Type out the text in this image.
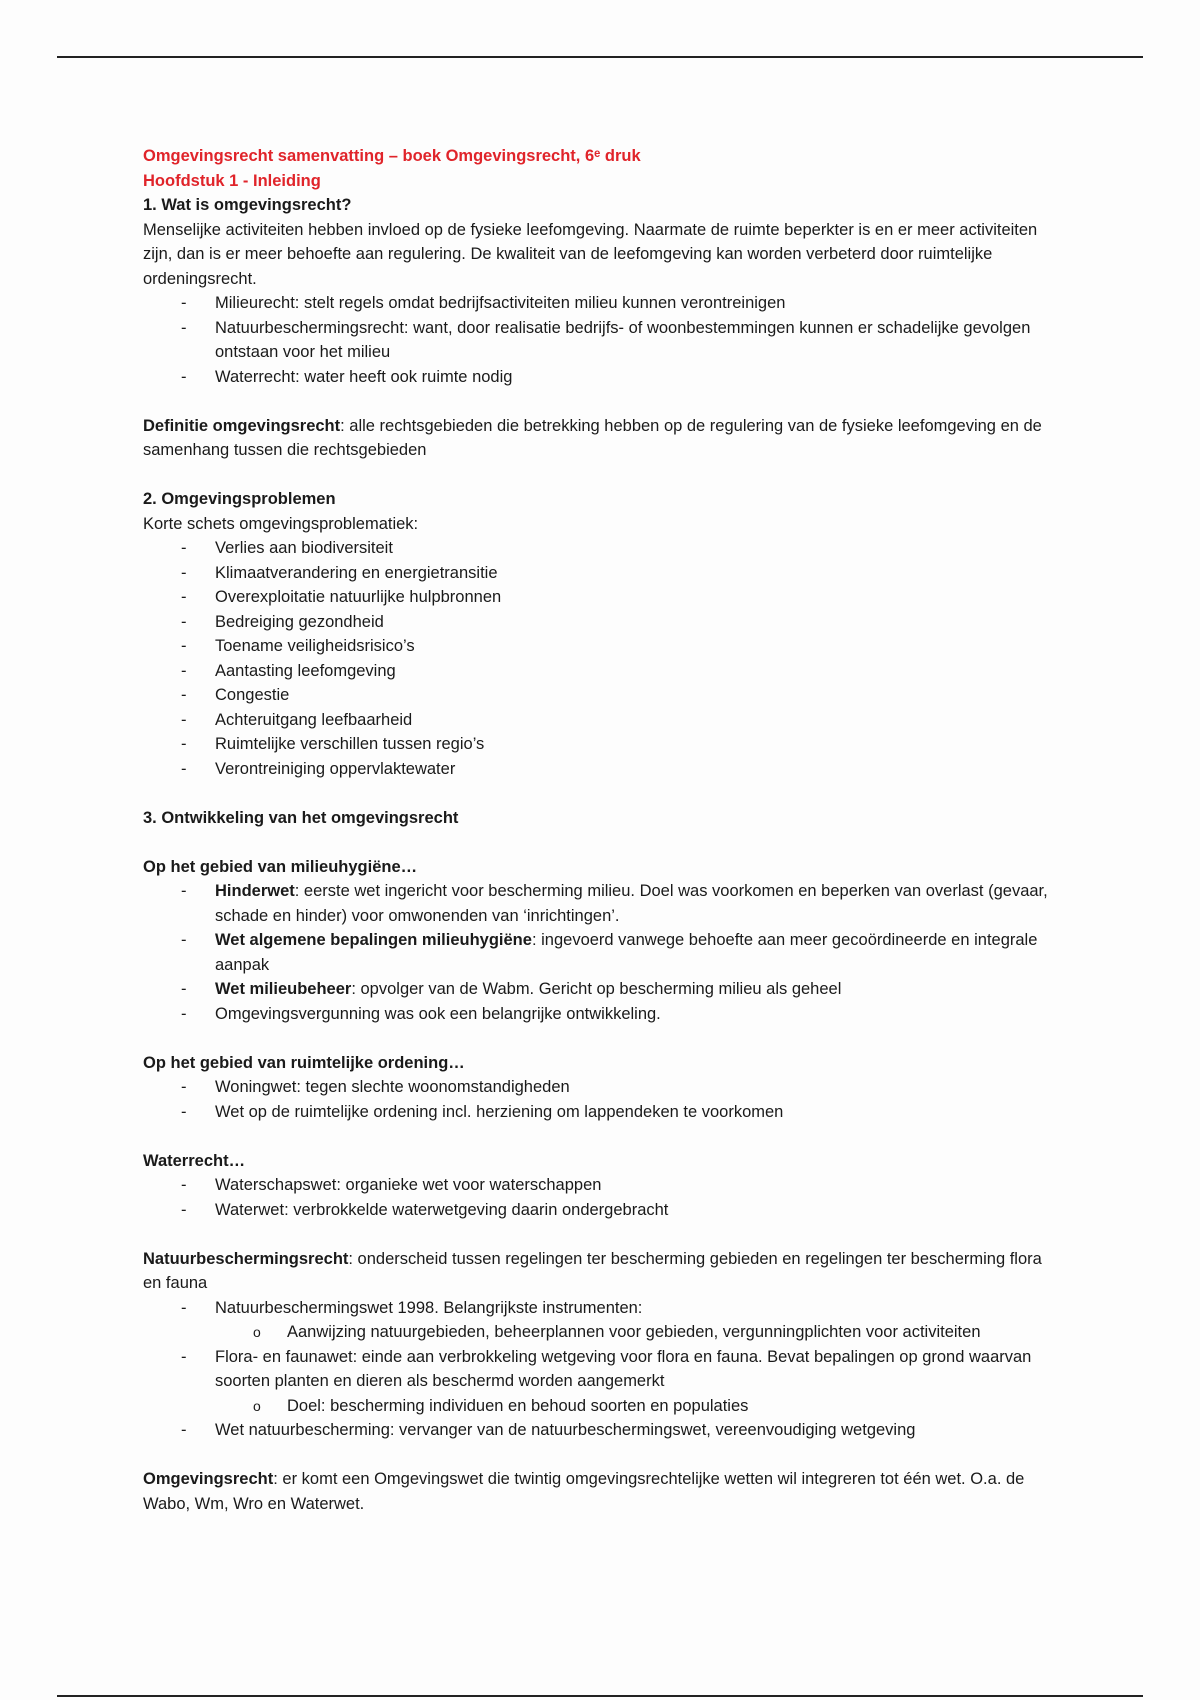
Omgevingsrecht samenvatting – boek Omgevingsrecht, 6ᵉ druk

Hoofdstuk 1 - Inleiding

1. Wat is omgevingsrecht?

Menselijke activiteiten hebben invloed op de fysieke leefomgeving. Naarmate de ruimte beperkter is en er meer activiteiten zijn, dan is er meer behoefte aan regulering. De kwaliteit van de leefomgeving kan worden verbeterd door ruimtelijke ordeningsrecht.

- Milieurecht: stelt regels omdat bedrijfsactiviteiten milieu kunnen verontreinigen
- Natuurbeschermingsrecht: want, door realisatie bedrijfs- of woonbestemmingen kunnen er schadelijke gevolgen ontstaan voor het milieu
- Waterrecht: water heeft ook ruimte nodig

Definitie omgevingsrecht: alle rechtsgebieden die betrekking hebben op de regulering van de fysieke leefomgeving en de samenhang tussen die rechtsgebieden

2. Omgevingsproblemen

Korte schets omgevingsproblematiek:

- Verlies aan biodiversiteit
- Klimaatverandering en energietransitie
- Overexploitatie natuurlijke hulpbronnen
- Bedreiging gezondheid
- Toename veiligheidsrisico’s
- Aantasting leefomgeving
- Congestie
- Achteruitgang leefbaarheid
- Ruimtelijke verschillen tussen regio’s
- Verontreiniging oppervlaktewater

3. Ontwikkeling van het omgevingsrecht

Op het gebied van milieuhygiëne…

- Hinderwet: eerste wet ingericht voor bescherming milieu. Doel was voorkomen en beperken van overlast (gevaar, schade en hinder) voor omwonenden van ‘inrichtingen’.
- Wet algemene bepalingen milieuhygiëne: ingevoerd vanwege behoefte aan meer gecoördineerde en integrale aanpak
- Wet milieubeheer: opvolger van de Wabm. Gericht op bescherming milieu als geheel
- Omgevingsvergunning was ook een belangrijke ontwikkeling.

Op het gebied van ruimtelijke ordening…

- Woningwet: tegen slechte woonomstandigheden
- Wet op de ruimtelijke ordening incl. herziening om lappendeken te voorkomen

Waterrecht…

- Waterschapswet: organieke wet voor waterschappen
- Waterwet: verbrokkelde waterwetgeving daarin ondergebracht

Natuurbeschermingsrecht: onderscheid tussen regelingen ter bescherming gebieden en regelingen ter bescherming flora en fauna

- Natuurbeschermingswet 1998. Belangrijkste instrumenten:
o Aanwijzing natuurgebieden, beheerplannen voor gebieden, vergunningplichten voor activiteiten
- Flora- en faunawet: einde aan verbrokkeling wetgeving voor flora en fauna. Bevat bepalingen op grond waarvan soorten planten en dieren als beschermd worden aangemerkt
o Doel: bescherming individuen en behoud soorten en populaties
- Wet natuurbescherming: vervanger van de natuurbeschermingswet, vereenvoudiging wetgeving

Omgevingsrecht: er komt een Omgevingswet die twintig omgevingsrechtelijke wetten wil integreren tot één wet. O.a. de Wabo, Wm, Wro en Waterwet.
